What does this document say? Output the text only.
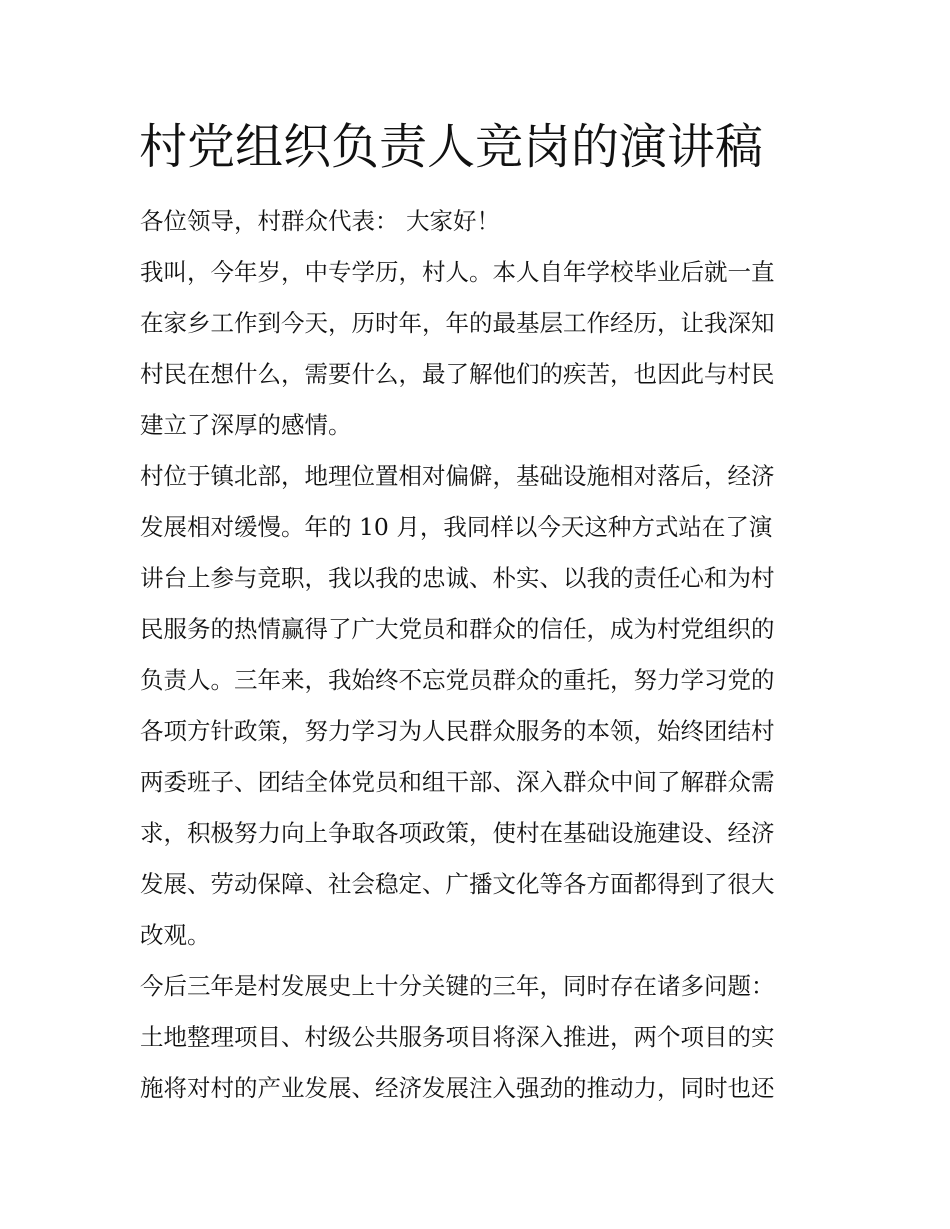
村党组织负责人竞岗的演讲稿

各位领导，村群众代表： 大家好！

我叫，今年岁，中专学历，村人。本人自年学校毕业后就一直

在家乡工作到今天，历时年，年的最基层工作经历，让我深知

村民在想什么，需要什么，最了解他们的疾苦，也因此与村民

建立了深厚的感情。

村位于镇北部，地理位置相对偏僻，基础设施相对落后，经济

发展相对缓慢。年的 10 月，我同样以今天这种方式站在了演

讲台上参与竞职，我以我的忠诚、朴实、以我的责任心和为村

民服务的热情赢得了广大党员和群众的信任，成为村党组织的

负责人。三年来，我始终不忘党员群众的重托，努力学习党的

各项方针政策，努力学习为人民群众服务的本领，始终团结村

两委班子、团结全体党员和组干部、深入群众中间了解群众需

求，积极努力向上争取各项政策，使村在基础设施建设、经济

发展、劳动保障、社会稳定、广播文化等各方面都得到了很大

改观。

今后三年是村发展史上十分关键的三年，同时存在诸多问题：

土地整理项目、村级公共服务项目将深入推进，两个项目的实

施将对村的产业发展、经济发展注入强劲的推动力，同时也还
